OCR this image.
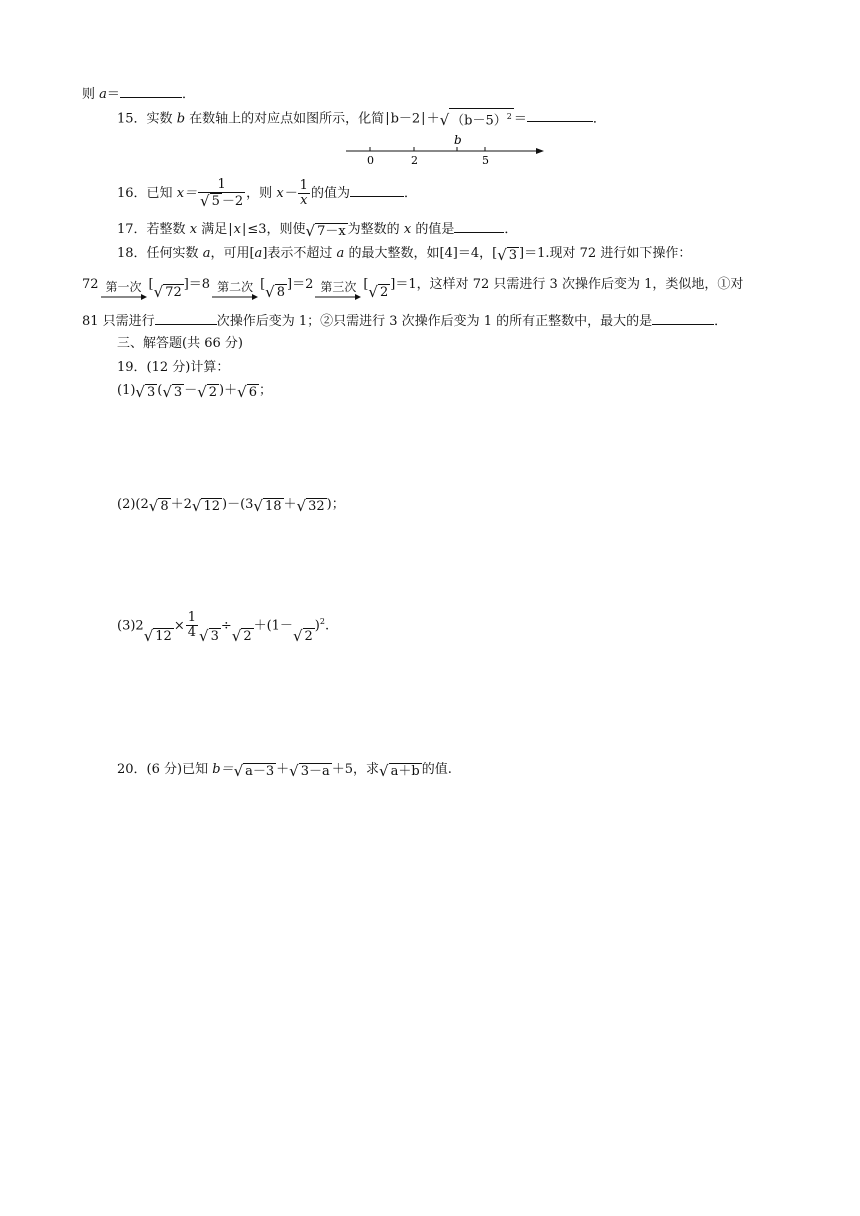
则 a＝	．
15．实数 b 在数轴上的对应点如图所示，化简|b－2|＋ √ $(b-5)^2$ ＝	．
b
0	2	5
16．已知 $x= \frac{1}{√ 5 -2}$ ，则 $x- \frac{1}{x}$ 的值为	．
17．若整数 x 满足|x|≤3，则使 √ 7－x 为整数的 x 的值是	．
18．任何实数 a，可用[a]表示不超过 a 的最大整数，如[4]＝4，[ √ 3 ]＝1.现对 72 进行如下操作：
72 第一次 [ √ 72
]＝8 第二次 [ √ 8
]＝2 第三次 [ √ 2
]＝1，这样对 72 只需进行 3 次操作后变为 1，类似地，①对
81 只需进行	次操作后变为 1；②只需进行 3 次操作后变为 1 的所有正整数中，最大的是	．
三、解答题(共 66 分)
19．(12 分)计算：
(1) √ 3 ( √ 3 － √ 2 )＋ √ 6 ；
(2)(2 √ 8 ＋2 √ 12 )－(3 √ 18 ＋ √ 32 )；
(3)2
√ 12
× $\frac{1}{4}$ √ 3
÷
√ 2
＋(1－
√ 2
)$^2$.
20．(6 分)已知 b＝ √ a－3 ＋ √ 3－a ＋5，求 √ a＋b 的值.
